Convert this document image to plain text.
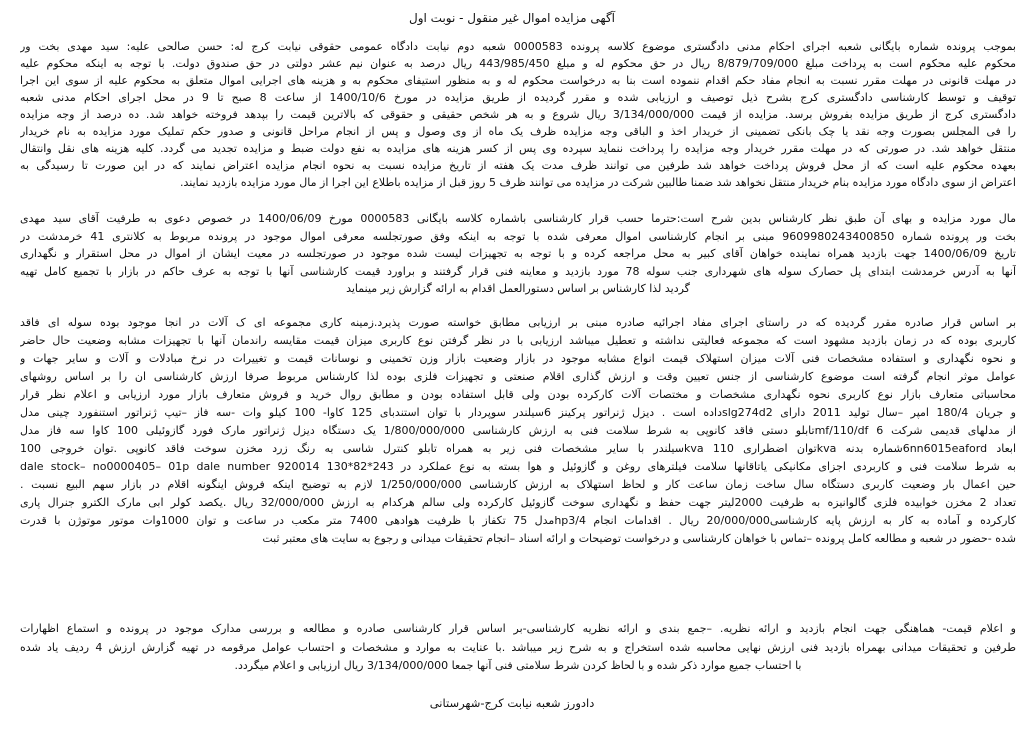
آگهی مزایده اموال غیر منقول - نوبت اول
بموجب پرونده شماره بایگانی شعبه اجرای احکام مدنی دادگستری موضوع کلاسه پرونده 0000583 شعبه دوم نیابت دادگاه عمومی حقوقی نیابت کرج له: حسن صالحی علیه: سید مهدی بخت ور
محکوم علیه محکوم است به پرداخت مبلغ 8/879/709/000 ریال در حق محکوم له و مبلغ 443/985/450 ریال درصد به عنوان نیم عشر دولتی در حق صندوق دولت. با توجه به اینکه محکوم علیه
در مهلت قانونی در مهلت مقرر نسبت به انجام مفاد حکم اقدام ننموده است بنا به درخواست محکوم له و به منظور استیفای محکوم به و هزینه های اجرایی اموال متعلق به محکوم علیه از سوی این اجرا
توقیف و توسط کارشناسی دادگستری کرج بشرح ذیل توصیف و ارزیابی شده و مقرر گردیده از طریق مزایده در مورخ 1400/10/6 از ساعت 8 صبح تا 9 در محل اجرای احکام مدنی شعبه
دادگستری کرج از طریق مزایده بفروش برسد. مزایده از قیمت 3/134/000/000 ریال شروع و به هر شخص حقیقی و حقوقی که بالاترین قیمت را بپدهد فروخته خواهد شد. ده درصد از وجه مزایده
را فی المجلس بصورت وجه نقد یا چک بانکی تضمینی از خریدار اخذ و الباقی وجه مزایده ظرف یک ماه از وی وصول و پس از انجام مراحل قانونی و صدور حکم تملیک مورد مزایده به نام خریدار
منتقل خواهد شد. در صورتی که در مهلت مقرر خریدار وجه مزایده را پرداخت ننماید سپرده وی پس از کسر هزینه های مزایده به نفع دولت ضبط و مزایده تجدید می گردد. کلیه هزینه های نقل وانتقال
بعهده محکوم علیه است که از محل فروش پرداخت خواهد شد طرفین می توانند ظرف مدت یک هفته از تاریخ مزایده نسبت به نحوه انجام مزایده اعتراض نمایند که در این صورت تا رسیدگی به
اعتراض از سوی دادگاه مورد مزایده بنام خریدار منتقل نخواهد شد ضمنا طالبین شرکت در مزایده می توانند ظرف 5 روز قبل از مزایده باطلاع این اجرا از مال مورد مزایده بازدید نمایند.
مال مورد مزایده و بهای آن طبق نظر کارشناس بدین شرح است:حترما حسب قرار کارشناسی باشماره کلاسه بایگانی 0000583 مورخ 1400/06/09 در خصوص دعوی به طرفیت آقای سید مهدی
بخت ور پرونده شماره 9609980243400850 مبنی بر انجام کارشناسی اموال معرفی شده با توجه به اینکه وفق صورتجلسه معرفی اموال موجود در پرونده مربوط به کلانتری 41 خرمدشت در
تاریخ 1400/06/09 جهت بازدید همراه نماینده خواهان آقای کبیر به محل مراجعه کرده و با توجه به تجهیزات لیست شده موجود در صورتجلسه در معیت ایشان از اموال در محل استقرار و نگهداری
آنها به آدرس خرمدشت ابتدای پل حصارک سوله های شهرداری جنب سوله 78 مورد بازدید و معاینه فنی قرار گرفتند و براورد قیمت کارشناسی آنها با توجه به عرف حاکم در بازار با تجمیع کامل تهیه
گردید لذا کارشناس بر اساس دستورالعمل اقدام به ارائه گزارش زیر مینماید
بر اساس قرار صادره مقرر گردیده که در راستای اجرای مفاد اجرائیه صادره مبنی بر ارزیابی مطابق خواسته صورت پذیرد.زمینه کاری مجموعه ای ک آلات در انجا موجود بوده سوله ای فاقد
کاربری بوده که در زمان بازدید مشهود است که مجموعه فعالیتی نداشته و تعطیل میباشد ارزیابی با در نظر گرفتن نوع کاربری میزان قیمت مقایسه راندمان آنها با تجهیزات مشابه وضعیت حال حاضر
و نحوه نگهداری و استفاده مشخصات فنی آلات میزان استهلاک قیمت انواع مشابه موجود در بازار وضعیت بازار وزن تخمینی و نوسانات قیمت و تغییرات در نرخ مبادلات و آلات و سایر جهات و
عوامل موثر انجام گرفته است موضوع کارشناسی از جنس تعیین وقت و ارزش گذاری اقلام صنعتی و تجهیزات فلزی بوده لذا کارشناس مربوط صرفا ارزش کارشناسی ان را بر اساس روشهای
محاسباتی متعارف بازار نوع کاربری نحوه نگهداری مشخصات و مختصات آلات کارکرده بودن ولی قابل استفاده بودن و مطابق روال خرید و فروش متعارف بازار مورد ارزیابی و اعلام نظر قرار
و جریان 180/4 امپر –سال تولید 2011 دارای slg274d2داده است . دیزل ژنراتور پرکینز 6سیلندر سوپردار با توان استندبای 125 کاوا- 100 کیلو وات -سه فاز –تیپ ژنراتور استنفورد چینی مدل
از مدلهای قدیمی شرکت mf/110/df 6تابلو دستی فاقد کانوپی به شرط سلامت فنی به ارزش کارشناسی 1/800/000/000 یک دستگاه دیزل ژنراتور مارک فورد گازوئیلی 100 کاوا سه فاز مدل
ابعاد 6nn6015eafordشماره بدنه kvaتوان اضطراری 110 kvaسیلندر با سایر مشخصات فنی زیر به همراه تابلو کنترل شاسی به رنگ زرد مخزن سوخت فاقد کانوپی .توان خروجی 100
به شرط سلامت فنی و کاربردی اجزای مکانیکی یاتاقانها سلامت فیلترهای روغن و گازوئیل و هوا بسته به نوع عملکرد در dale stock– no0000405– 01p dale number 920014 130*82*243
حین اعمال بار وضعیت کاربری دستگاه سال ساخت زمان ساعت کار و لحاظ استهلاک به ارزش کارشناسی 1/250/000/000 لازم به توضیح اینکه فروش اینگونه اقلام در بازار سهم البیع نسبت .
تعداد 2 مخزن خوابیده فلزی گالوانیزه به ظرفیت 2000لیتر جهت حفظ و نگهداری سوخت گازوئیل کارکرده ولی سالم هرکدام به ارزش 32/000/000 ریال .یکصد کولر ابی مارک الکترو جنرال پاری
کارکرده و آماده به کار به ارزش پایه کارشناسی20/000/000 ریال . اقدامات انجام hp3/4مدل 75 تکفاز با ظرفیت هوادهی 7400 متر مکعب در ساعت و توان 1000وات موتور موتوژن با قدرت
شده -حضور در شعبه و مطالعه کامل پرونده –تماس با خواهان کارشناسی و درخواست توضیحات و ارائه اسناد –انجام تحقیقات میدانی و رجوع به سایت های معتبر ثبت
و اعلام قیمت- هماهنگی جهت انجام بازدید و ارائه نظریه. –جمع بندی و ارائه نظریه کارشناسی-بر اساس قرار کارشناسی صادره و مطالعه و بررسی مدارک موجود در پرونده و استماع اظهارات
طرفین و تحقیقات میدانی بهمراه بازدید فنی ارزش نهایی محاسبه شده استخراج و به شرح زیر میباشد .با عنایت به موارد و مشخصات و احتساب عوامل مرقومه در تهیه گزارش ارزش 4 ردیف یاد شده
با احتساب جمیع موارد ذکر شده و با لحاظ کردن شرط سلامتی فنی آنها جمعا 3/134/000/000 ریال ارزیابی و اعلام میگردد.
دادورز شعبه نیابت کرج-شهرستانی
